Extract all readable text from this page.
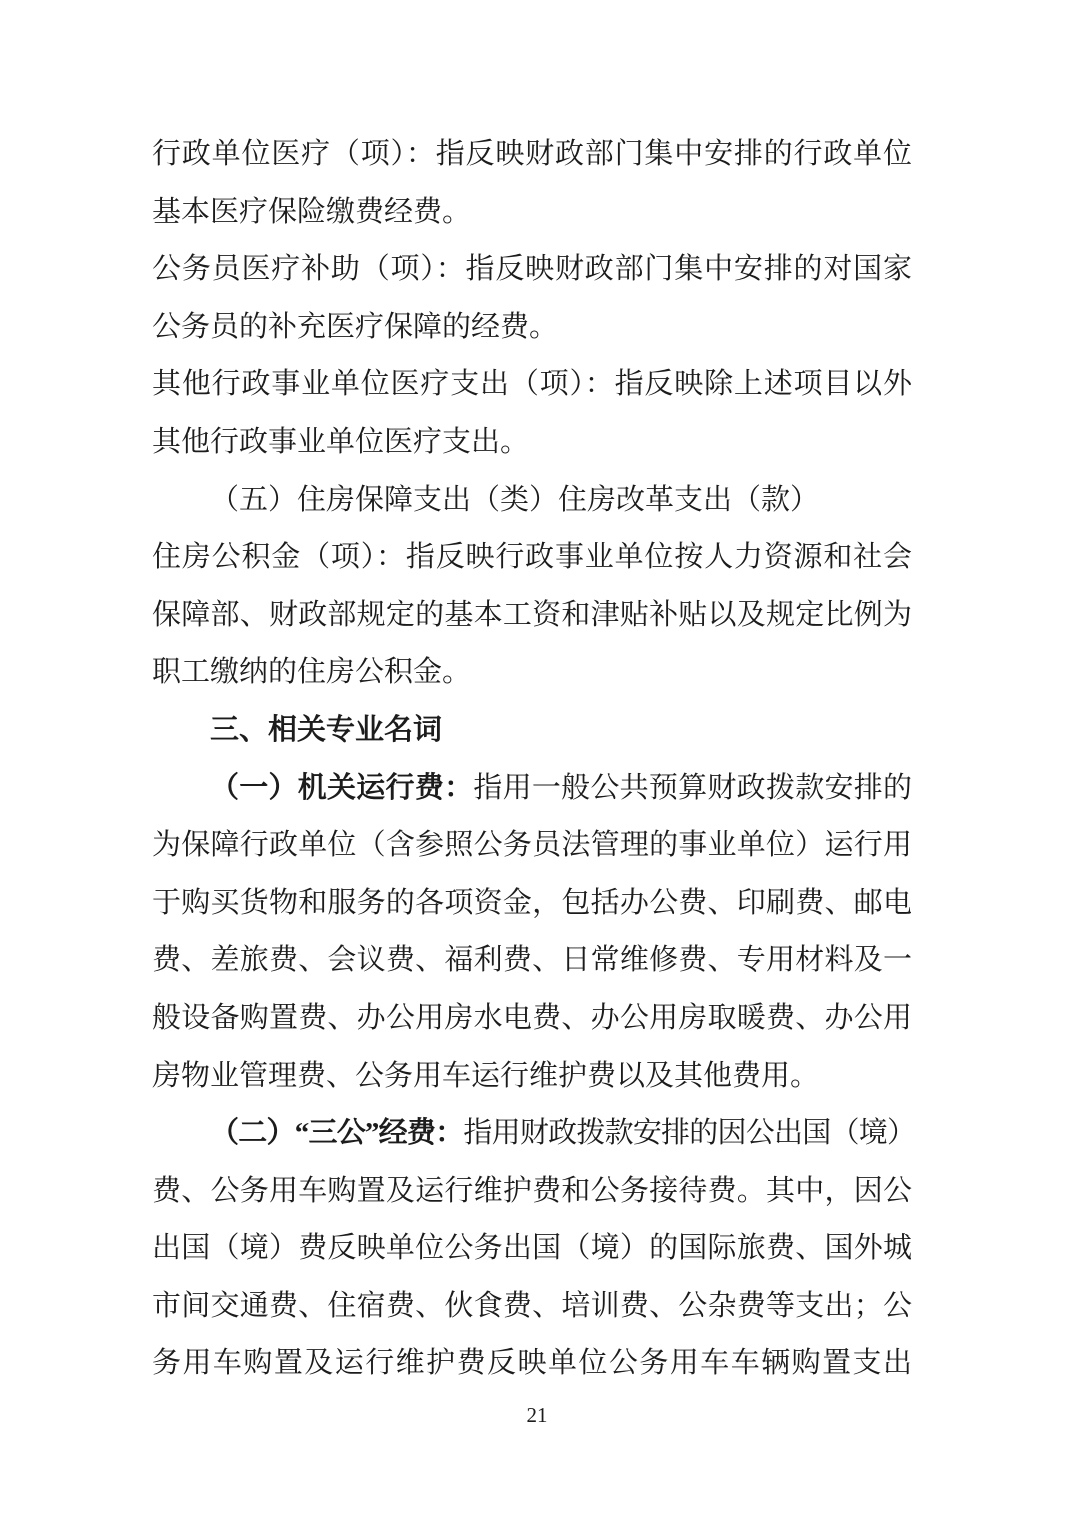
行政单位医疗（项）：指反映财政部门集中安排的行政单位
基本医疗保险缴费经费。
公务员医疗补助（项）：指反映财政部门集中安排的对国家
公务员的补充医疗保障的经费。
其他行政事业单位医疗支出（项）：指反映除上述项目以外
其他行政事业单位医疗支出。
（五）住房保障支出（类）住房改革支出（款）
住房公积金（项）：指反映行政事业单位按人力资源和社会
保障部、财政部规定的基本工资和津贴补贴以及规定比例为
职工缴纳的住房公积金。
三、相关专业名词
（一）机关运行费：指用一般公共预算财政拨款安排的
为保障行政单位（含参照公务员法管理的事业单位）运行用
于购买货物和服务的各项资金，包括办公费、印刷费、邮电
费、差旅费、会议费、福利费、日常维修费、专用材料及一
般设备购置费、办公用房水电费、办公用房取暖费、办公用
房物业管理费、公务用车运行维护费以及其他费用。
（二）“三公”经费：指用财政拨款安排的因公出国（境）
费、公务用车购置及运行维护费和公务接待费。其中，因公
出国（境）费反映单位公务出国（境）的国际旅费、国外城
市间交通费、住宿费、伙食费、培训费、公杂费等支出；公
务用车购置及运行维护费反映单位公务用车车辆购置支出
21
